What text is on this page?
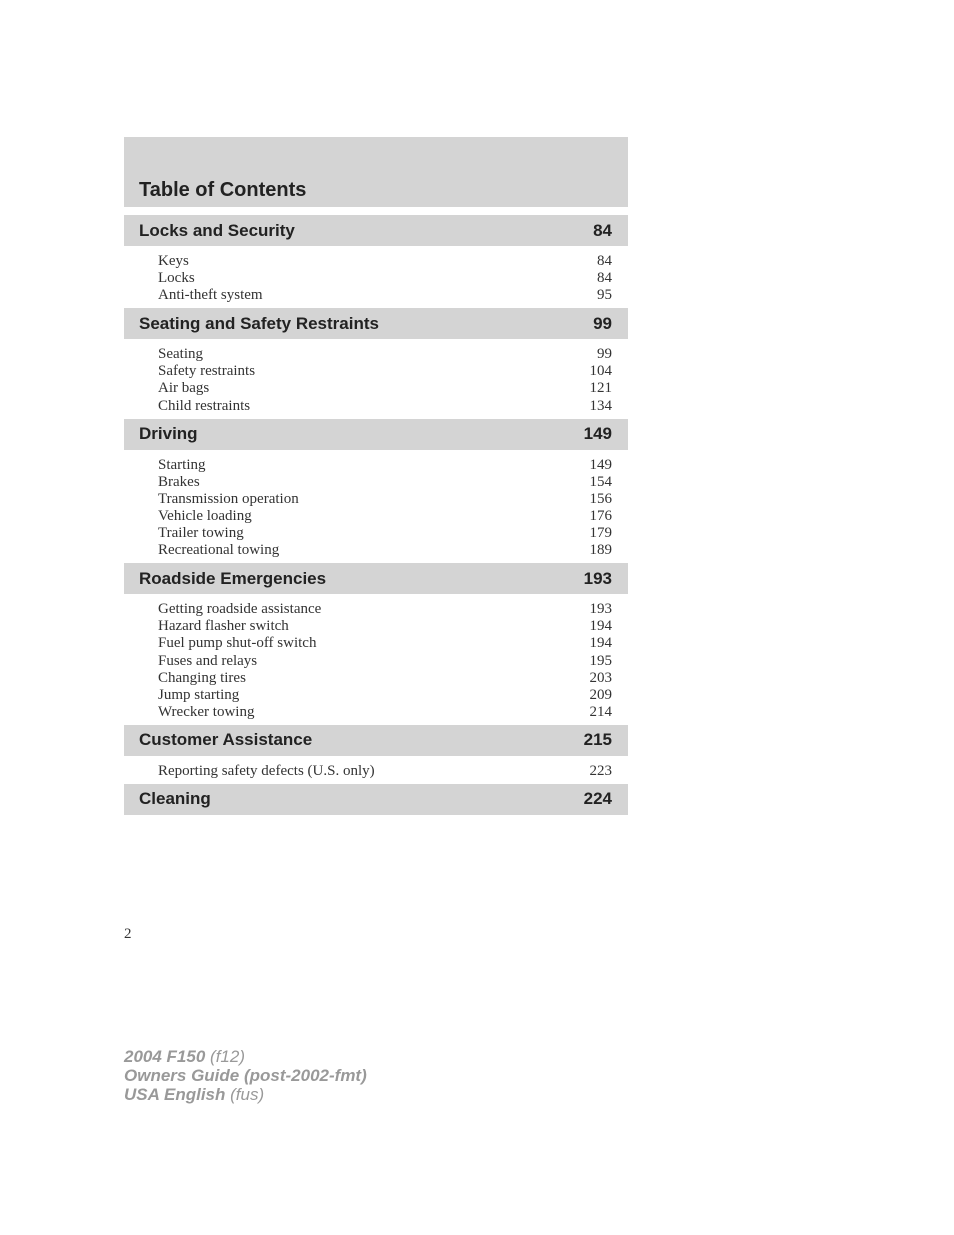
Table of Contents
Locks and Security	84
Keys	84
Locks	84
Anti-theft system	95
Seating and Safety Restraints	99
Seating	99
Safety restraints	104
Air bags	121
Child restraints	134
Driving	149
Starting	149
Brakes	154
Transmission operation	156
Vehicle loading	176
Trailer towing	179
Recreational towing	189
Roadside Emergencies	193
Getting roadside assistance	193
Hazard flasher switch	194
Fuel pump shut-off switch	194
Fuses and relays	195
Changing tires	203
Jump starting	209
Wrecker towing	214
Customer Assistance	215
Reporting safety defects (U.S. only)	223
Cleaning	224
2
2004 F150 (f12)
Owners Guide (post-2002-fmt)
USA English (fus)
